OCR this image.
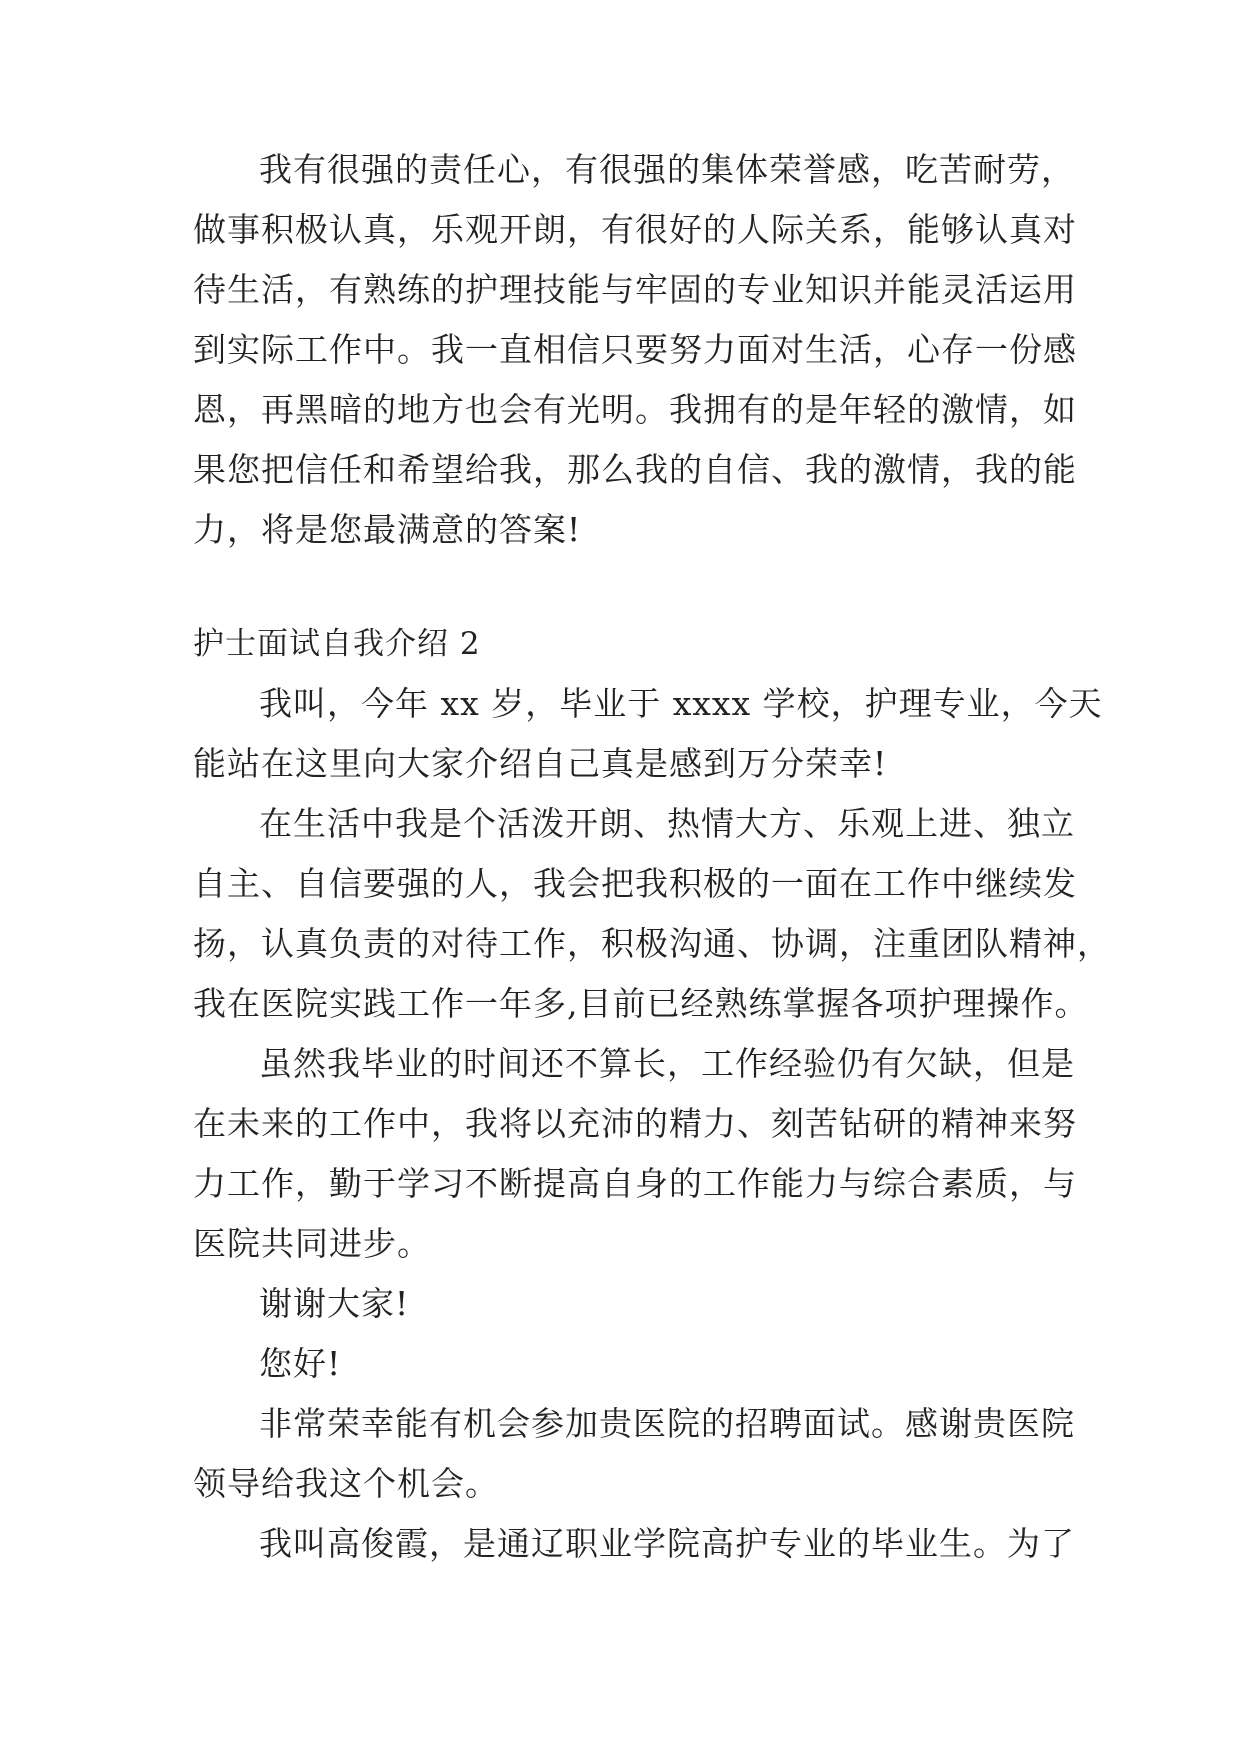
我有很强的责任心，有很强的集体荣誉感，吃苦耐劳，
做事积极认真，乐观开朗，有很好的人际关系，能够认真对
待生活，有熟练的护理技能与牢固的专业知识并能灵活运用
到实际工作中。我一直相信只要努力面对生活，心存一份感
恩，再黑暗的地方也会有光明。我拥有的是年轻的激情，如
果您把信任和希望给我，那么我的自信、我的激情，我的能
力，将是您最满意的答案!
护士面试自我介绍 2
我叫，今年 xx 岁，毕业于 xxxx 学校，护理专业，今天
能站在这里向大家介绍自己真是感到万分荣幸!
在生活中我是个活泼开朗、热情大方、乐观上进、独立
自主、自信要强的人，我会把我积极的一面在工作中继续发
扬，认真负责的对待工作，积极沟通、协调，注重团队精神，
我在医院实践工作一年多,目前已经熟练掌握各项护理操作。
虽然我毕业的时间还不算长，工作经验仍有欠缺，但是
在未来的工作中，我将以充沛的精力、刻苦钻研的精神来努
力工作，勤于学习不断提高自身的工作能力与综合素质，与
医院共同进步。
谢谢大家!
您好!
非常荣幸能有机会参加贵医院的招聘面试。感谢贵医院
领导给我这个机会。
我叫高俊霞，是通辽职业学院高护专业的毕业生。为了
